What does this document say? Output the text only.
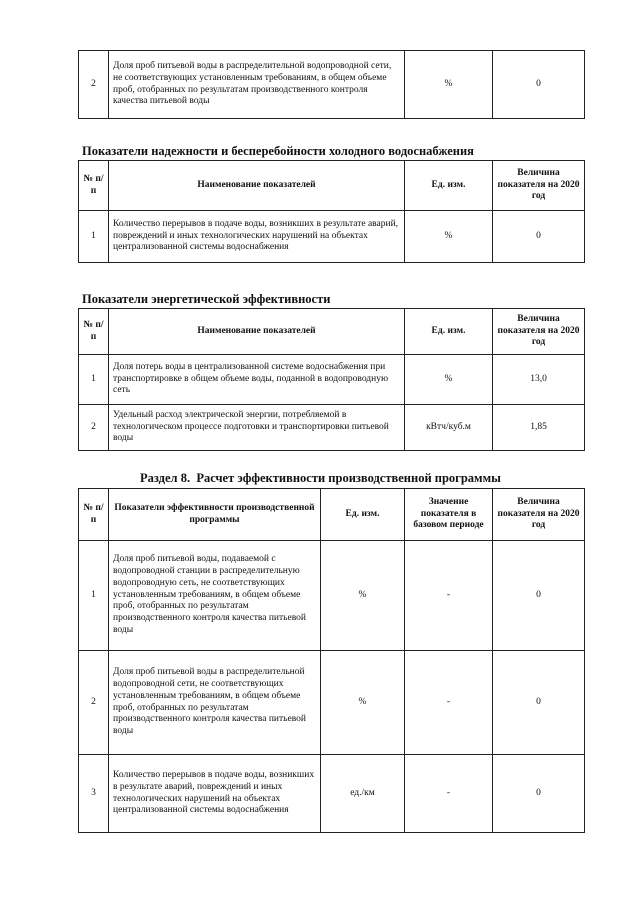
2	Доля проб питьевой воды в распределительной водопроводной сети, не соответствующих установленным требованиям, в общем объеме проб, отобранных по результатам производственного контроля качества питьевой воды	%	0
Показатели надежности и бесперебойности холодного водоснабжения
№ п/п	Наименование показателей	Ед. изм.	Величина показателя на 2020 год
1	Количество перерывов в подаче воды, возникших в результате аварий, повреждений и иных технологических нарушений на объектах централизованной системы водоснабжения	%	0
Показатели энергетической эффективности
№ п/п	Наименование показателей	Ед. изм.	Величина показателя на 2020 год
1	Доля потерь воды в централизованной системе водоснабжения при транспортировке в общем объеме воды, поданной в водопроводную сеть	%	13,0
2	Удельный расход электрической энергии, потребляемой в технологическом процессе подготовки и транспортировки питьевой воды	кВтч/куб.м	1,85
Раздел 8.  Расчет эффективности производственной программы
№ п/п	Показатели эффективности производственной программы	Ед. изм.	Значение показателя в базовом периоде	Величина показателя на 2020 год
1	Доля проб питьевой воды, подаваемой с водопроводной станции в распределительную водопроводную сеть, не соответствующих установленным требованиям, в общем объеме проб, отобранных по результатам производственного контроля качества питьевой воды	%	-	0
2	Доля проб питьевой воды в распределительной водопроводной сети, не соответствующих установленным требованиям, в общем объеме проб, отобранных по результатам производственного контроля качества питьевой воды	%	-	0
3	Количество перерывов в подаче воды, возникших в результате аварий, повреждений и иных технологических нарушений на объектах централизованной системы водоснабжения	ед./км	-	0
